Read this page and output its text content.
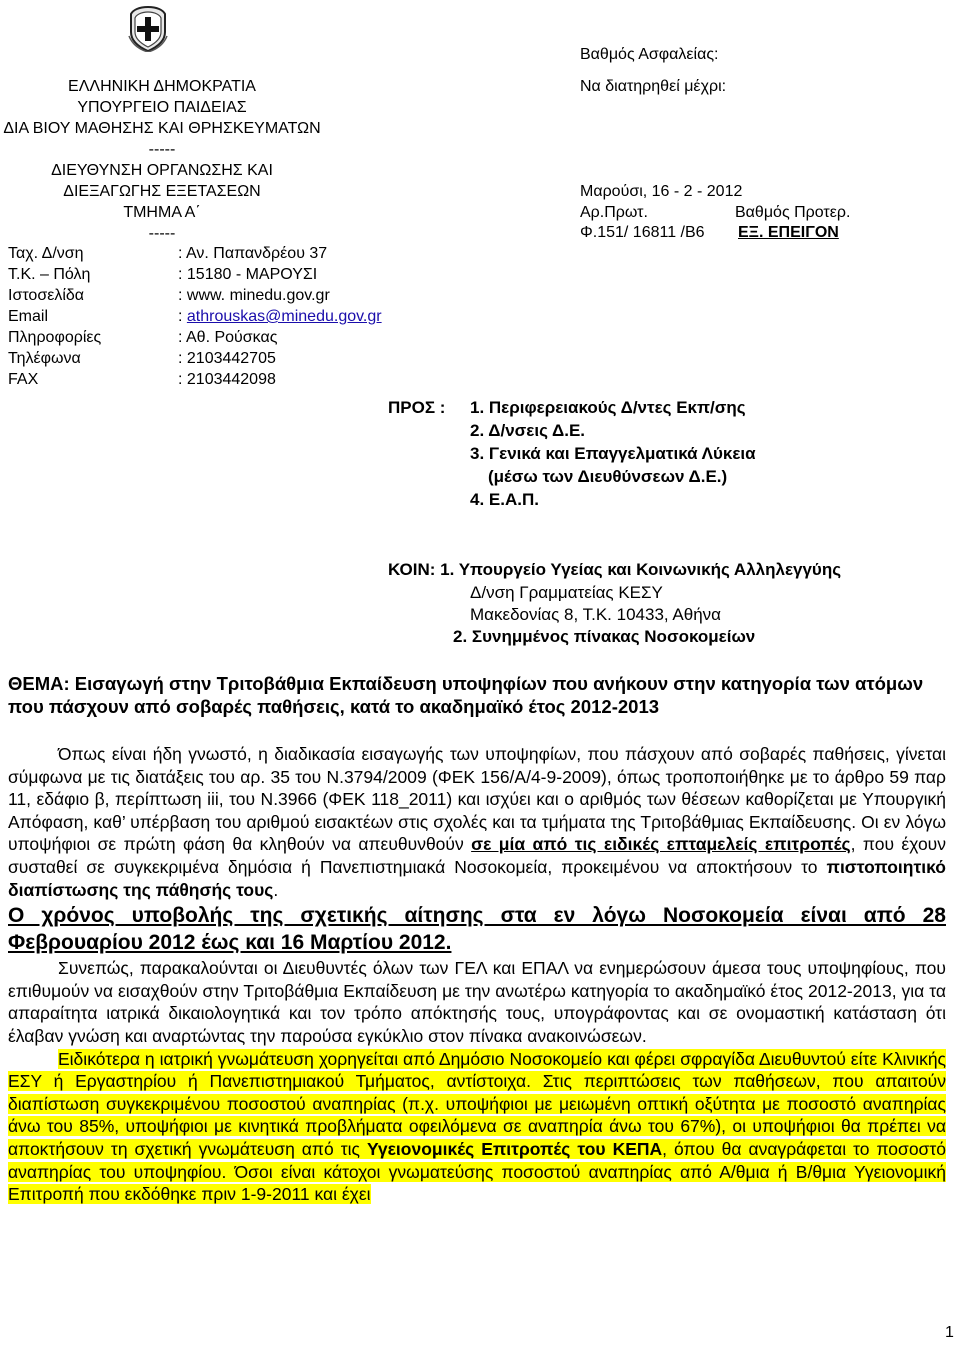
ΕΛΛΗΝΙΚΗ ΔΗΜΟΚΡΑΤΙΑ
ΥΠΟΥΡΓΕΙΟ ΠΑΙΔΕΙΑΣ
ΔΙΑ ΒΙΟΥ ΜΑΘΗΣΗΣ ΚΑΙ ΘΡΗΣΚΕΥΜΑΤΩΝ
-----
ΔΙΕΥΘΥΝΣΗ ΟΡΓΑΝΩΣΗΣ ΚΑΙ
ΔΙΕΞΑΓΩΓΗΣ ΕΞΕΤΑΣΕΩΝ
ΤΜΗΜΑ Α΄
-----
Ταχ. Δ/νση	: Αν. Παπανδρέου 37
Τ.Κ. – Πόλη	: 15180 - ΜΑΡΟΥΣΙ
Ιστοσελίδα	: www. minedu.gov.gr
Email	: athrouskas@minedu.gov.gr
Πληροφορίες	: Αθ. Ρούσκας
Τηλέφωνα	: 2103442705
FAX	: 2103442098
Βαθμός Ασφαλείας:
Να διατηρηθεί μέχρι:
Μαρούσι, 16 - 2 - 2012
Αρ.Πρωτ.	Βαθμός Προτερ.
Φ.151/ 16811 /Β6 ΕΞ. ΕΠΕΙΓΟΝ
ΠΡΟΣ : 1. Περιφερειακούς Δ/ντες Εκπ/σης
2. Δ/νσεις Δ.Ε.
3. Γενικά και Επαγγελματικά Λύκεια
(μέσω των Διευθύνσεων Δ.Ε.)
4. Ε.Α.Π.
ΚΟΙΝ: 1. Υπουργείο Υγείας και Κοινωνικής Αλληλεγγύης
Δ/νση Γραμματείας ΚΕΣΥ
Μακεδονίας 8, Τ.Κ. 10433, Αθήνα
2. Συνημμένος πίνακας Νοσοκομείων
ΘΕΜΑ: Εισαγωγή στην Τριτοβάθμια Εκπαίδευση υποψηφίων που ανήκουν στην κατηγορία των ατόμων που πάσχουν από σοβαρές παθήσεις, κατά το ακαδημαϊκό έτος 2012-2013

Όπως είναι ήδη γνωστό, η διαδικασία εισαγωγής των υποψηφίων, που πάσχουν από σοβαρές παθήσεις, γίνεται σύμφωνα με τις διατάξεις του αρ. 35 του Ν.3794/2009 (ΦΕΚ 156/Α/4-9-2009), όπως τροποποιήθηκε με το άρθρο 59 παρ 11, εδάφιο β, περίπτωση iii, του Ν.3966 (ΦΕΚ 118_2011) και ισχύει και ο αριθμός των θέσεων καθορίζεται με Υπουργική Απόφαση, καθ’ υπέρβαση του αριθμού εισακτέων στις σχολές και τα τμήματα της Τριτοβάθμιας Εκπαίδευσης. Οι εν λόγω υποψήφιοι σε πρώτη φάση θα κληθούν να απευθυνθούν σε μία από τις ειδικές επταμελείς επιτροπές, που έχουν συσταθεί σε συγκεκριμένα δημόσια ή Πανεπιστημιακά Νοσοκομεία, προκειμένου να αποκτήσουν το πιστοποιητικό διαπίστωσης της πάθησής τους.

Ο χρόνος υποβολής της σχετικής αίτησης στα εν λόγω Νοσοκομεία είναι από 28 Φεβρουαρίου 2012 έως και 16 Μαρτίου 2012.

Συνεπώς, παρακαλούνται οι Διευθυντές όλων των ΓΕΛ και ΕΠΑΛ να ενημερώσουν άμεσα τους υποψηφίους, που επιθυμούν να εισαχθούν στην Τριτοβάθμια Εκπαίδευση με την ανωτέρω κατηγορία το ακαδημαϊκό έτος 2012-2013, για τα απαραίτητα ιατρικά δικαιολογητικά και τον τρόπο απόκτησής τους, υπογράφοντας και σε ονομαστική κατάσταση ότι έλαβαν γνώση και αναρτώντας την παρούσα εγκύκλιο στον πίνακα ανακοινώσεων.

Ειδικότερα η ιατρική γνωμάτευση χορηγείται από Δημόσιο Νοσοκομείο και φέρει σφραγίδα Διευθυντού είτε Κλινικής ΕΣΥ ή Εργαστηρίου ή Πανεπιστημιακού Τμήματος, αντίστοιχα. Στις περιπτώσεις των παθήσεων, που απαιτούν διαπίστωση συγκεκριμένου ποσοστού αναπηρίας (π.χ. υποψήφιοι με μειωμένη οπτική οξύτητα με ποσοστό αναπηρίας άνω του 85%, υποψήφιοι με κινητικά προβλήματα οφειλόμενα σε αναπηρία άνω του 67%), οι υποψήφιοι θα πρέπει να αποκτήσουν τη σχετική γνωμάτευση από τις Υγειονομικές Επιτροπές του ΚΕΠΑ, όπου θα αναγράφεται το ποσοστό αναπηρίας του υποψηφίου. Όσοι είναι κάτοχοι γνωματεύσης ποσοστού αναπηρίας από Α/θμια ή Β/θμια Υγειονομική Επιτροπή που εκδόθηκε πριν 1-9-2011 και έχει

1
